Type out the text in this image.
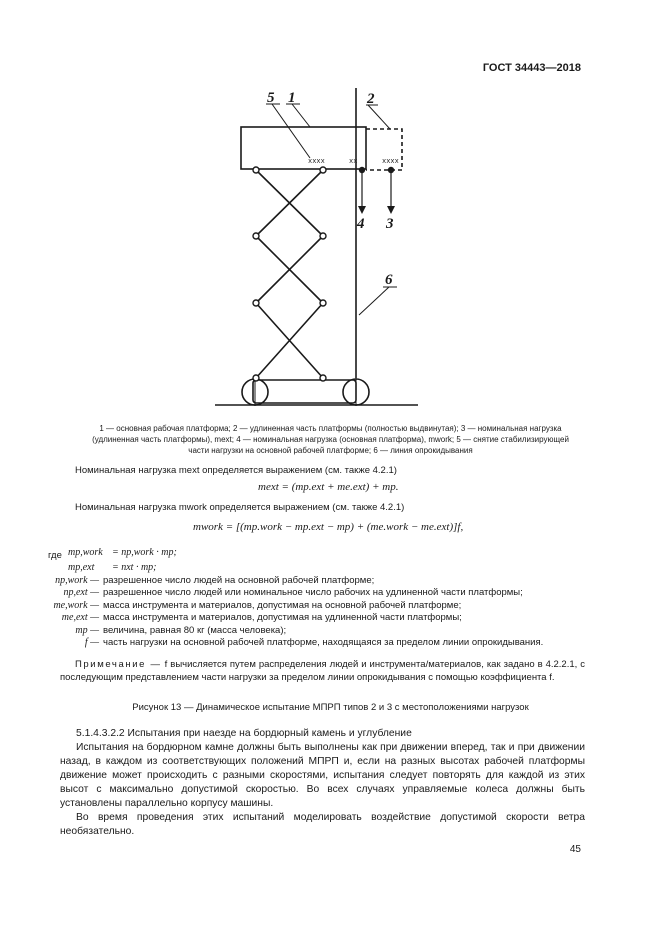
ГОСТ 34443—2018
xxxx	xx	xxxx
5 1	2
4 3
6
1 — основная рабочая платформа; 2 — удлиненная часть платформы (полностью выдвинутая); 3 — номинальная нагрузка
(удлиненная часть платформы), mext; 4 — номинальная нагрузка (основная платформа), mwork; 5 — снятие стабилизирующей
части нагрузки на основной рабочей платформе; 6 — линия опрокидывания
Номинальная нагрузка mext определяется выражением (см. также 4.2.1)
mext = (mp.ext + me.ext) + mp.
Номинальная нагрузка mwork определяется выражением (см. также 4.2.1)
mwork = [(mp.work − mp.ext − mp) + (me.work − me.ext)]f,
где mp,work = np,work · mp;
mp,ext = nxt · mp;
np,work — разрешенное число людей на основной рабочей платформе;
np,ext — разрешенное число людей или номинальное число рабочих на удлиненной части платформы;
me,work — масса инструмента и материалов, допустимая на основной рабочей платформе;
me,ext — масса инструмента и материалов, допустимая на удлиненной части платформы;
mp — величина, равная 80 кг (масса человека);
f — часть нагрузки на основной рабочей платформе, находящаяся за пределом линии опрокидывания.
Примечание — f вычисляется путем распределения людей и инструмента/материалов, как задано в 4.2.2.1, с последующим представлением части нагрузки за пределом линии опрокидывания с помощью коэффициента f.
Рисунок 13 — Динамическое испытание МПРП типов 2 и 3 с местоположениями нагрузок
5.1.4.3.2.2 Испытания при наезде на бордюрный камень и углубление
Испытания на бордюрном камне должны быть выполнены как при движении вперед, так и при движении назад, в каждом из соответствующих положений МПРП и, если на разных высотах рабочей платформы движение может происходить с разными скоростями, испытания следует повторять для каждой из этих высот с максимально допустимой скоростью. Во всех случаях управляемые колеса должны быть установлены параллельно корпусу машины.
Во время проведения этих испытаний моделировать воздействие допустимой скорости ветра необязательно.
45
